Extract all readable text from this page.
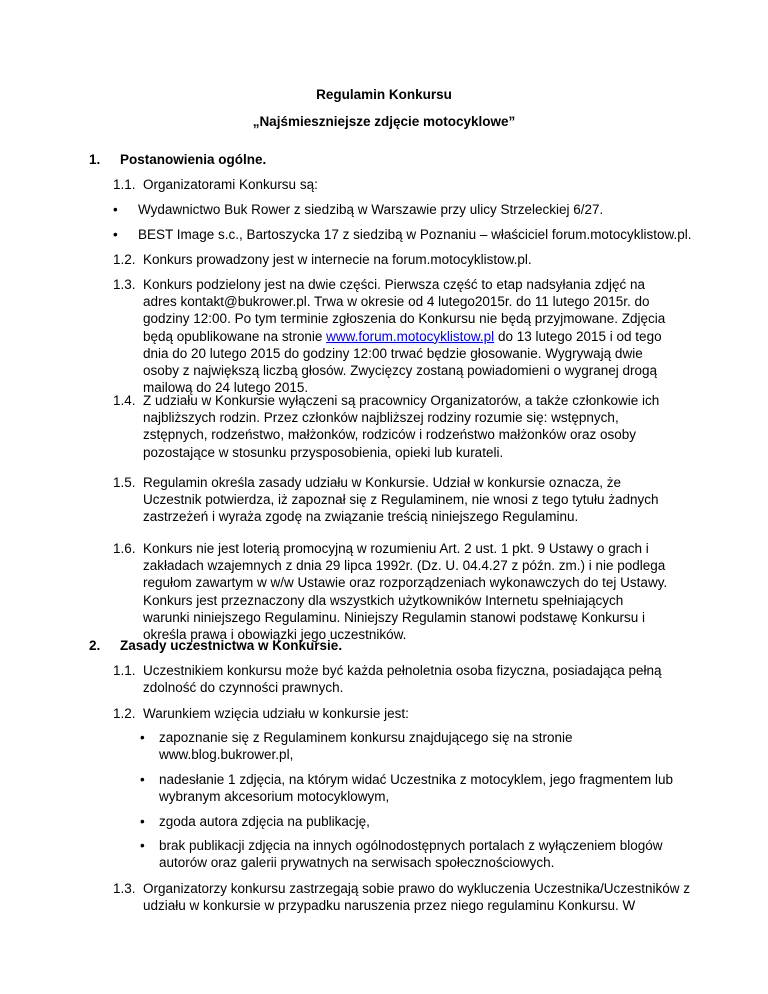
Regulamin Konkursu
„Najśmieszniejsze zdjęcie motocyklowe”
1. Postanowienia ogólne.
1.1. Organizatorami Konkursu są:
• Wydawnictwo Buk Rower z siedzibą w Warszawie przy ulicy Strzeleckiej 6/27.
• BEST Image s.c., Bartoszycka 17 z siedzibą w Poznaniu – właściciel forum.motocyklistow.pl.
1.2. Konkurs prowadzony jest w internecie na forum.motocyklistow.pl.
1.3. Konkurs podzielony jest na dwie części. Pierwsza część to etap nadsyłania zdjęć na adres kontakt@bukrower.pl. Trwa w okresie od 4 lutego2015r. do 11 lutego 2015r. do godziny 12:00. Po tym terminie zgłoszenia do Konkursu nie będą przyjmowane. Zdjęcia będą opublikowane na stronie www.forum.motocyklistow.pl do 13 lutego 2015 i od tego dnia do 20 lutego 2015 do godziny 12:00 trwać będzie głosowanie. Wygrywają dwie osoby z największą liczbą głosów. Zwycięzcy zostaną powiadomieni o wygranej drogą mailową do 24 lutego 2015.
1.4. Z udziału w Konkursie wyłączeni są pracownicy Organizatorów, a także członkowie ich najbliższych rodzin. Przez członków najbliższej rodziny rozumie się: wstępnych, zstępnych, rodzeństwo, małżonków, rodziców i rodzeństwo małżonków oraz osoby pozostające w stosunku przysposobienia, opieki lub kurateli.
1.5. Regulamin określa zasady udziału w Konkursie. Udział w konkursie oznacza, że Uczestnik potwierdza, iż zapoznał się z Regulaminem, nie wnosi z tego tytułu żadnych zastrzeżeń i wyraża zgodę na związanie treścią niniejszego Regulaminu.
1.6. Konkurs nie jest loterią promocyjną w rozumieniu Art. 2 ust. 1 pkt. 9 Ustawy o grach i zakładach wzajemnych z dnia 29 lipca 1992r. (Dz. U. 04.4.27 z późn. zm.) i nie podlega regułom zawartym w w/w Ustawie oraz rozporządzeniach wykonawczych do tej Ustawy. Konkurs jest przeznaczony dla wszystkich użytkowników Internetu spełniających warunki niniejszego Regulaminu. Niniejszy Regulamin stanowi podstawę Konkursu i określa prawa i obowiązki jego uczestników.
2. Zasady uczestnictwa w Konkursie.
1.1. Uczestnikiem konkursu może być każda pełnoletnia osoba fizyczna, posiadająca pełną zdolność do czynności prawnych.
1.2. Warunkiem wzięcia udziału w konkursie jest:
• zapoznanie się z Regulaminem konkursu znajdującego się na stronie www.blog.bukrower.pl,
• nadesłanie 1 zdjęcia, na którym widać Uczestnika z motocyklem, jego fragmentem lub wybranym akcesorium motocyklowym,
• zgoda autora zdjęcia na publikację,
• brak publikacji zdjęcia na innych ogólnodostępnych portalach z wyłączeniem blogów autorów oraz galerii prywatnych na serwisach społecznościowych.
1.3. Organizatorzy konkursu zastrzegają sobie prawo do wykluczenia Uczestnika/Uczestników z udziału w konkursie w przypadku naruszenia przez niego regulaminu Konkursu. W
